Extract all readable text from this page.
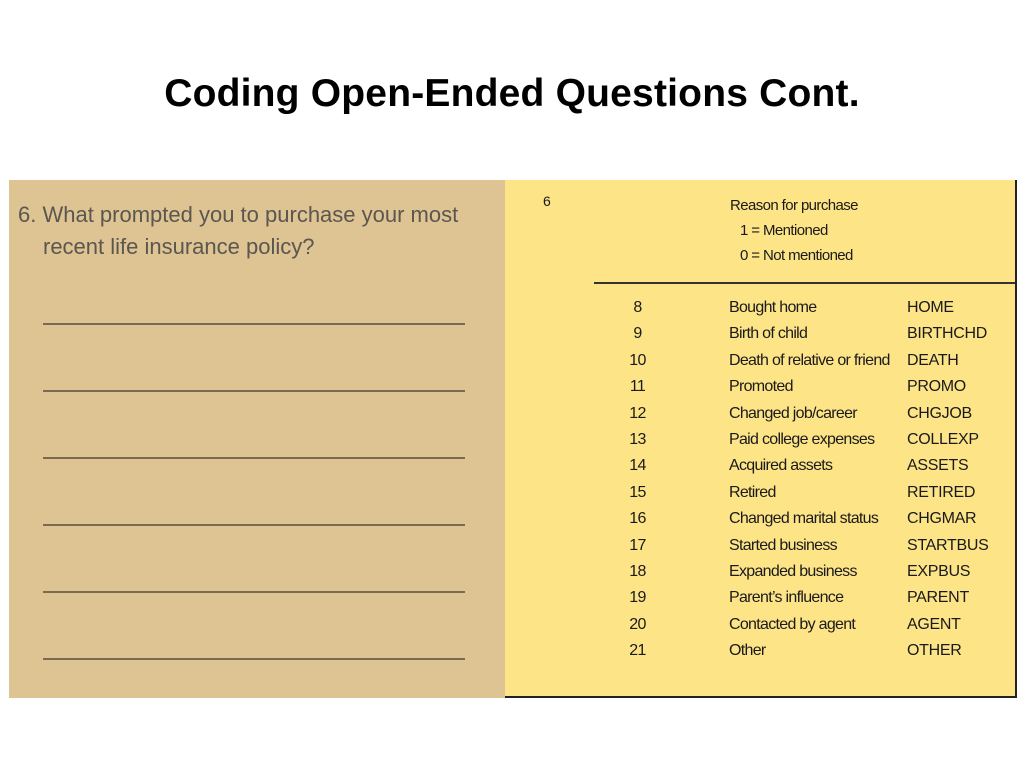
Coding Open-Ended Questions Cont.
6. What prompted you to purchase your most
recent life insurance policy?
6	Reason for purchase
1 = Mentioned
0 = Not mentioned
8	Bought home	HOME
9	Birth of child	BIRTHCHD
10	Death of relative or friend DEATH
11	Promoted	PROMO
12	Changed job/career	CHGJOB
13	Paid college expenses COLLEXP
14	Acquired assets	ASSETS
15	Retired	RETIRED
16	Changed marital status CHGMAR
17	Started business	STARTBUS
18	Expanded business	EXPBUS
19	Parent’s influence	PARENT
20	Contacted by agent	AGENT
21	Other	OTHER
